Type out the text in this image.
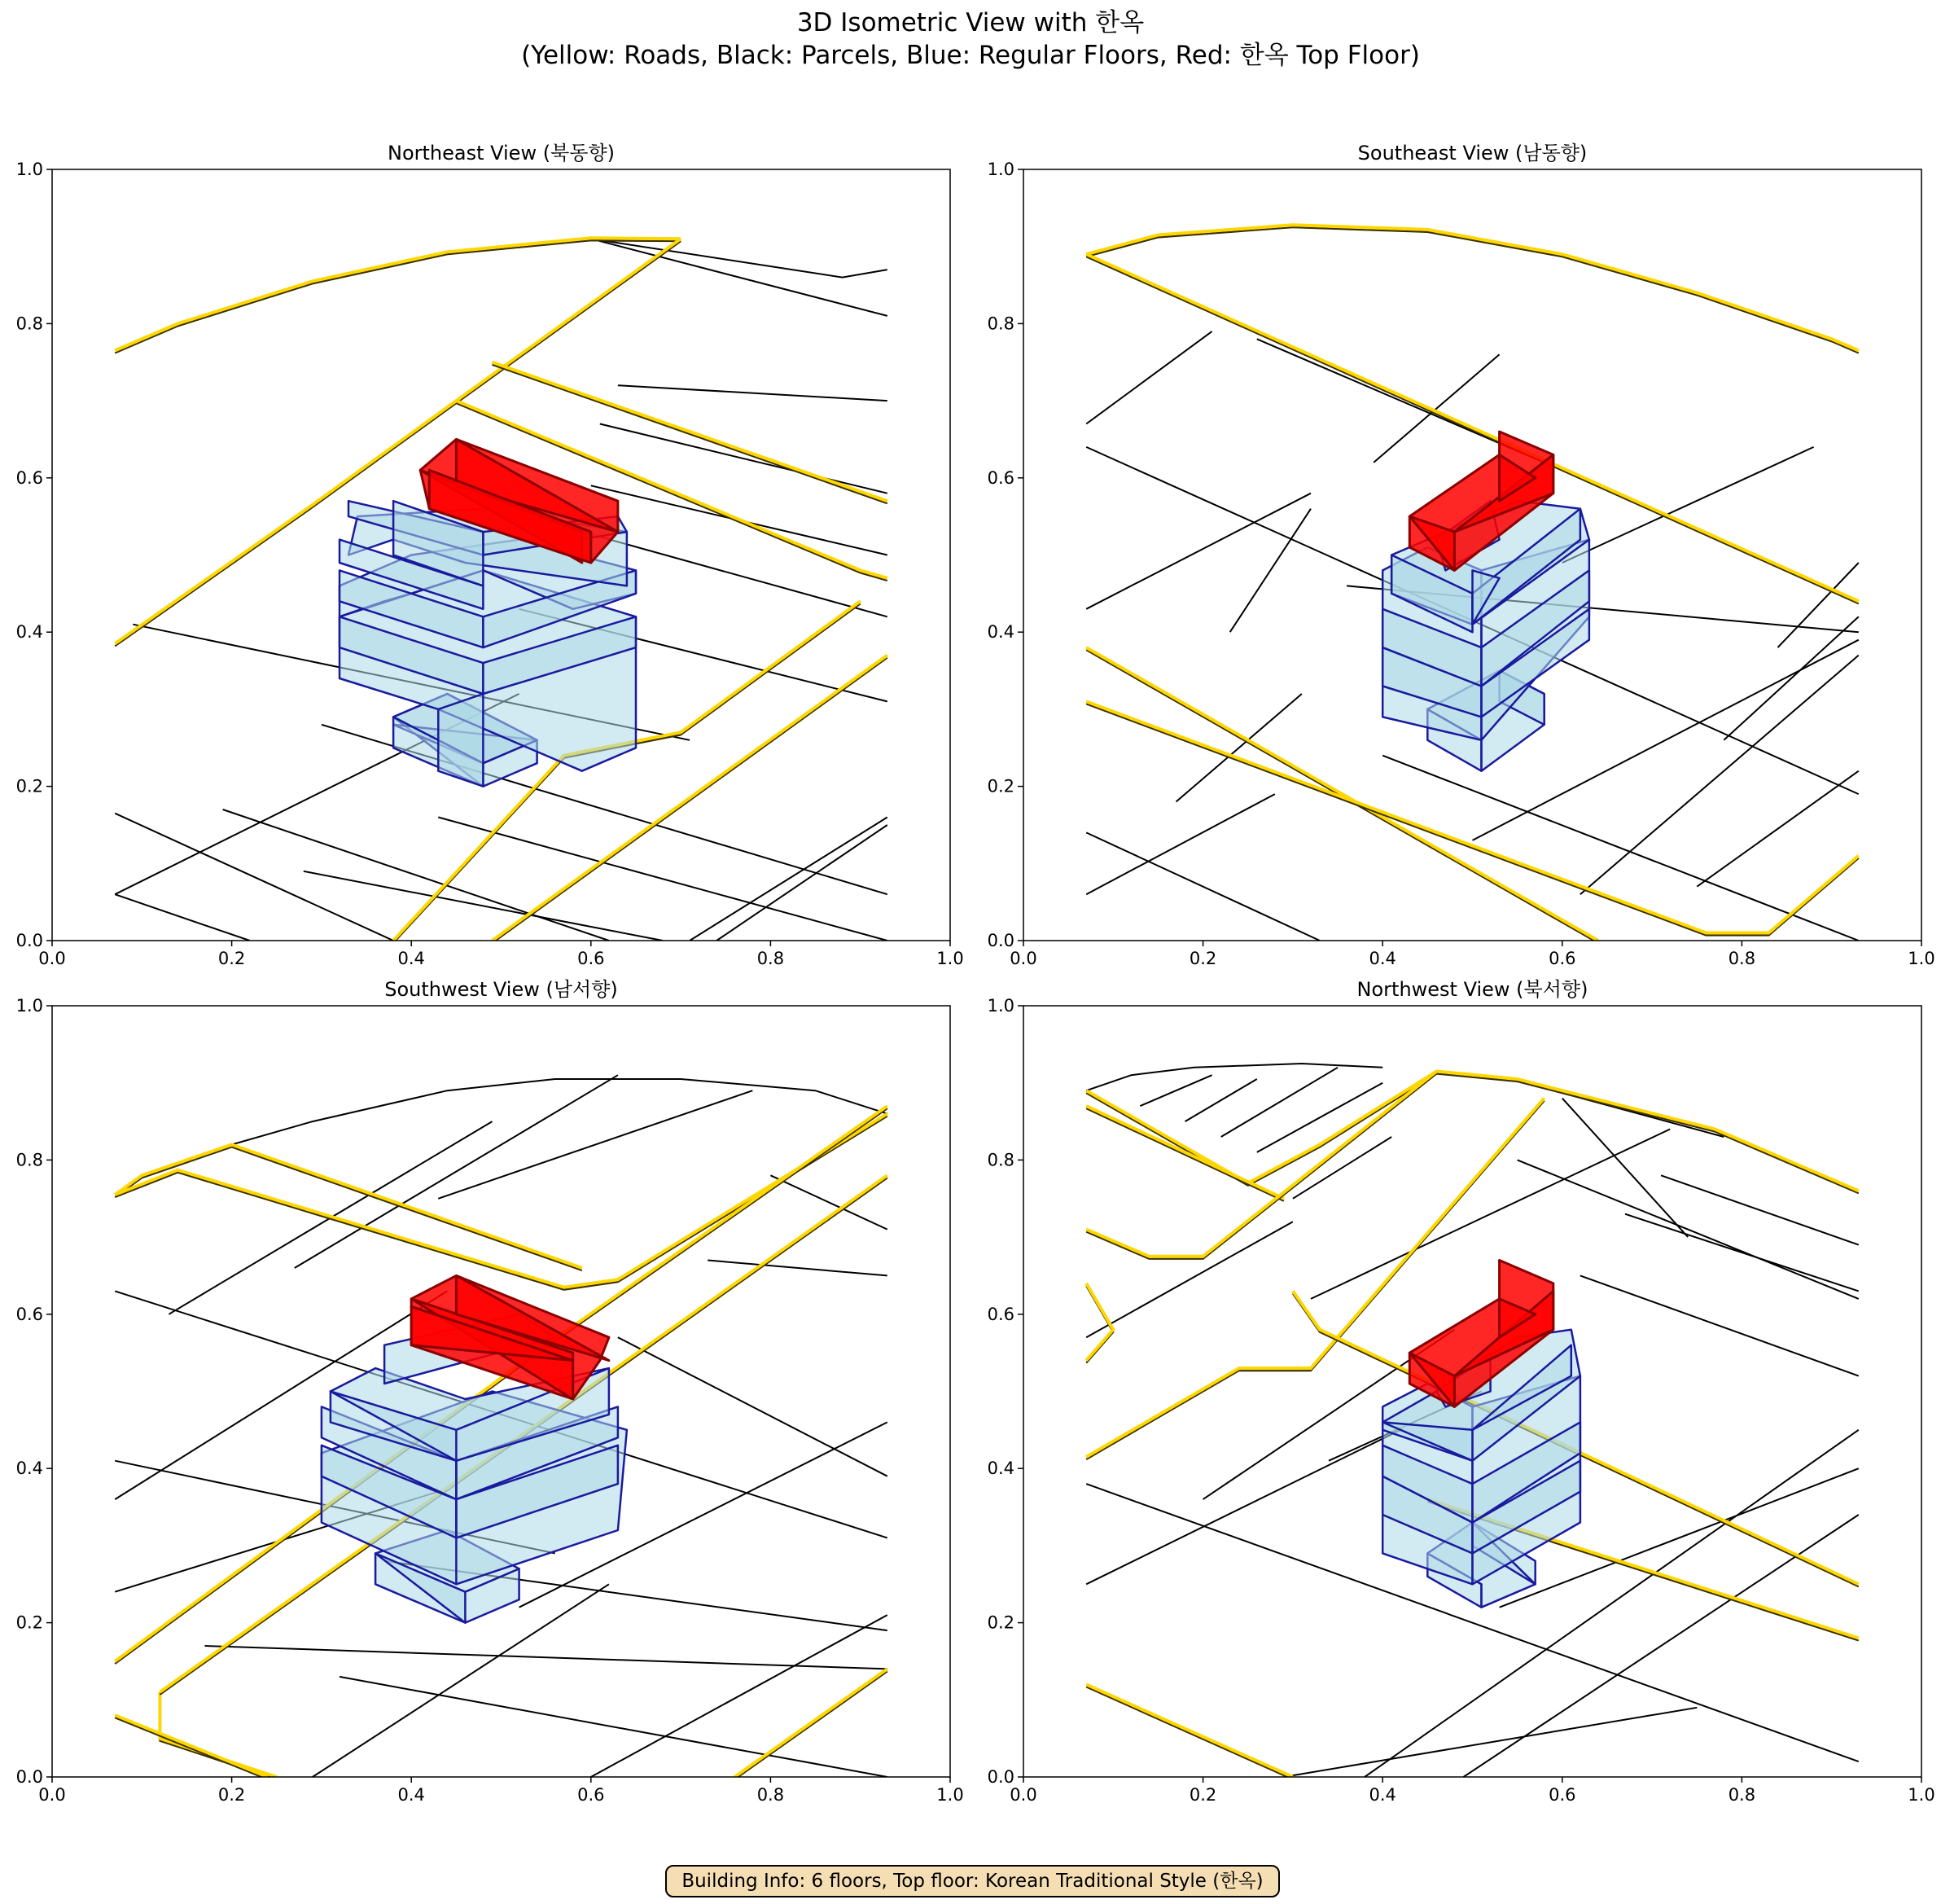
3D Isometric View with 한옥
(Yellow: Roads, Black: Parcels, Blue: Regular Floors, Red: 한옥 Top Floor)
0.0
0.0
0.2
0.2
0.4
0.4
0.6
0.6
0.8
0.8
1.0
1.0
Northeast View (북동향)
0.0
0.0
0.2
0.2
0.4
0.4
0.6
0.6
0.8
0.8
1.0
1.0
Southeast View (남동향)
0.0
0.0
0.2
0.2
0.4
0.4
0.6
0.6
0.8
0.8
1.0
1.0
Southwest View (남서향)
0.0
0.0
0.2
0.2
0.4
0.4
0.6
0.6
0.8
0.8
1.0
1.0
Northwest View (북서향)
Building Info: 6 floors, Top floor: Korean Traditional Style (한옥)
